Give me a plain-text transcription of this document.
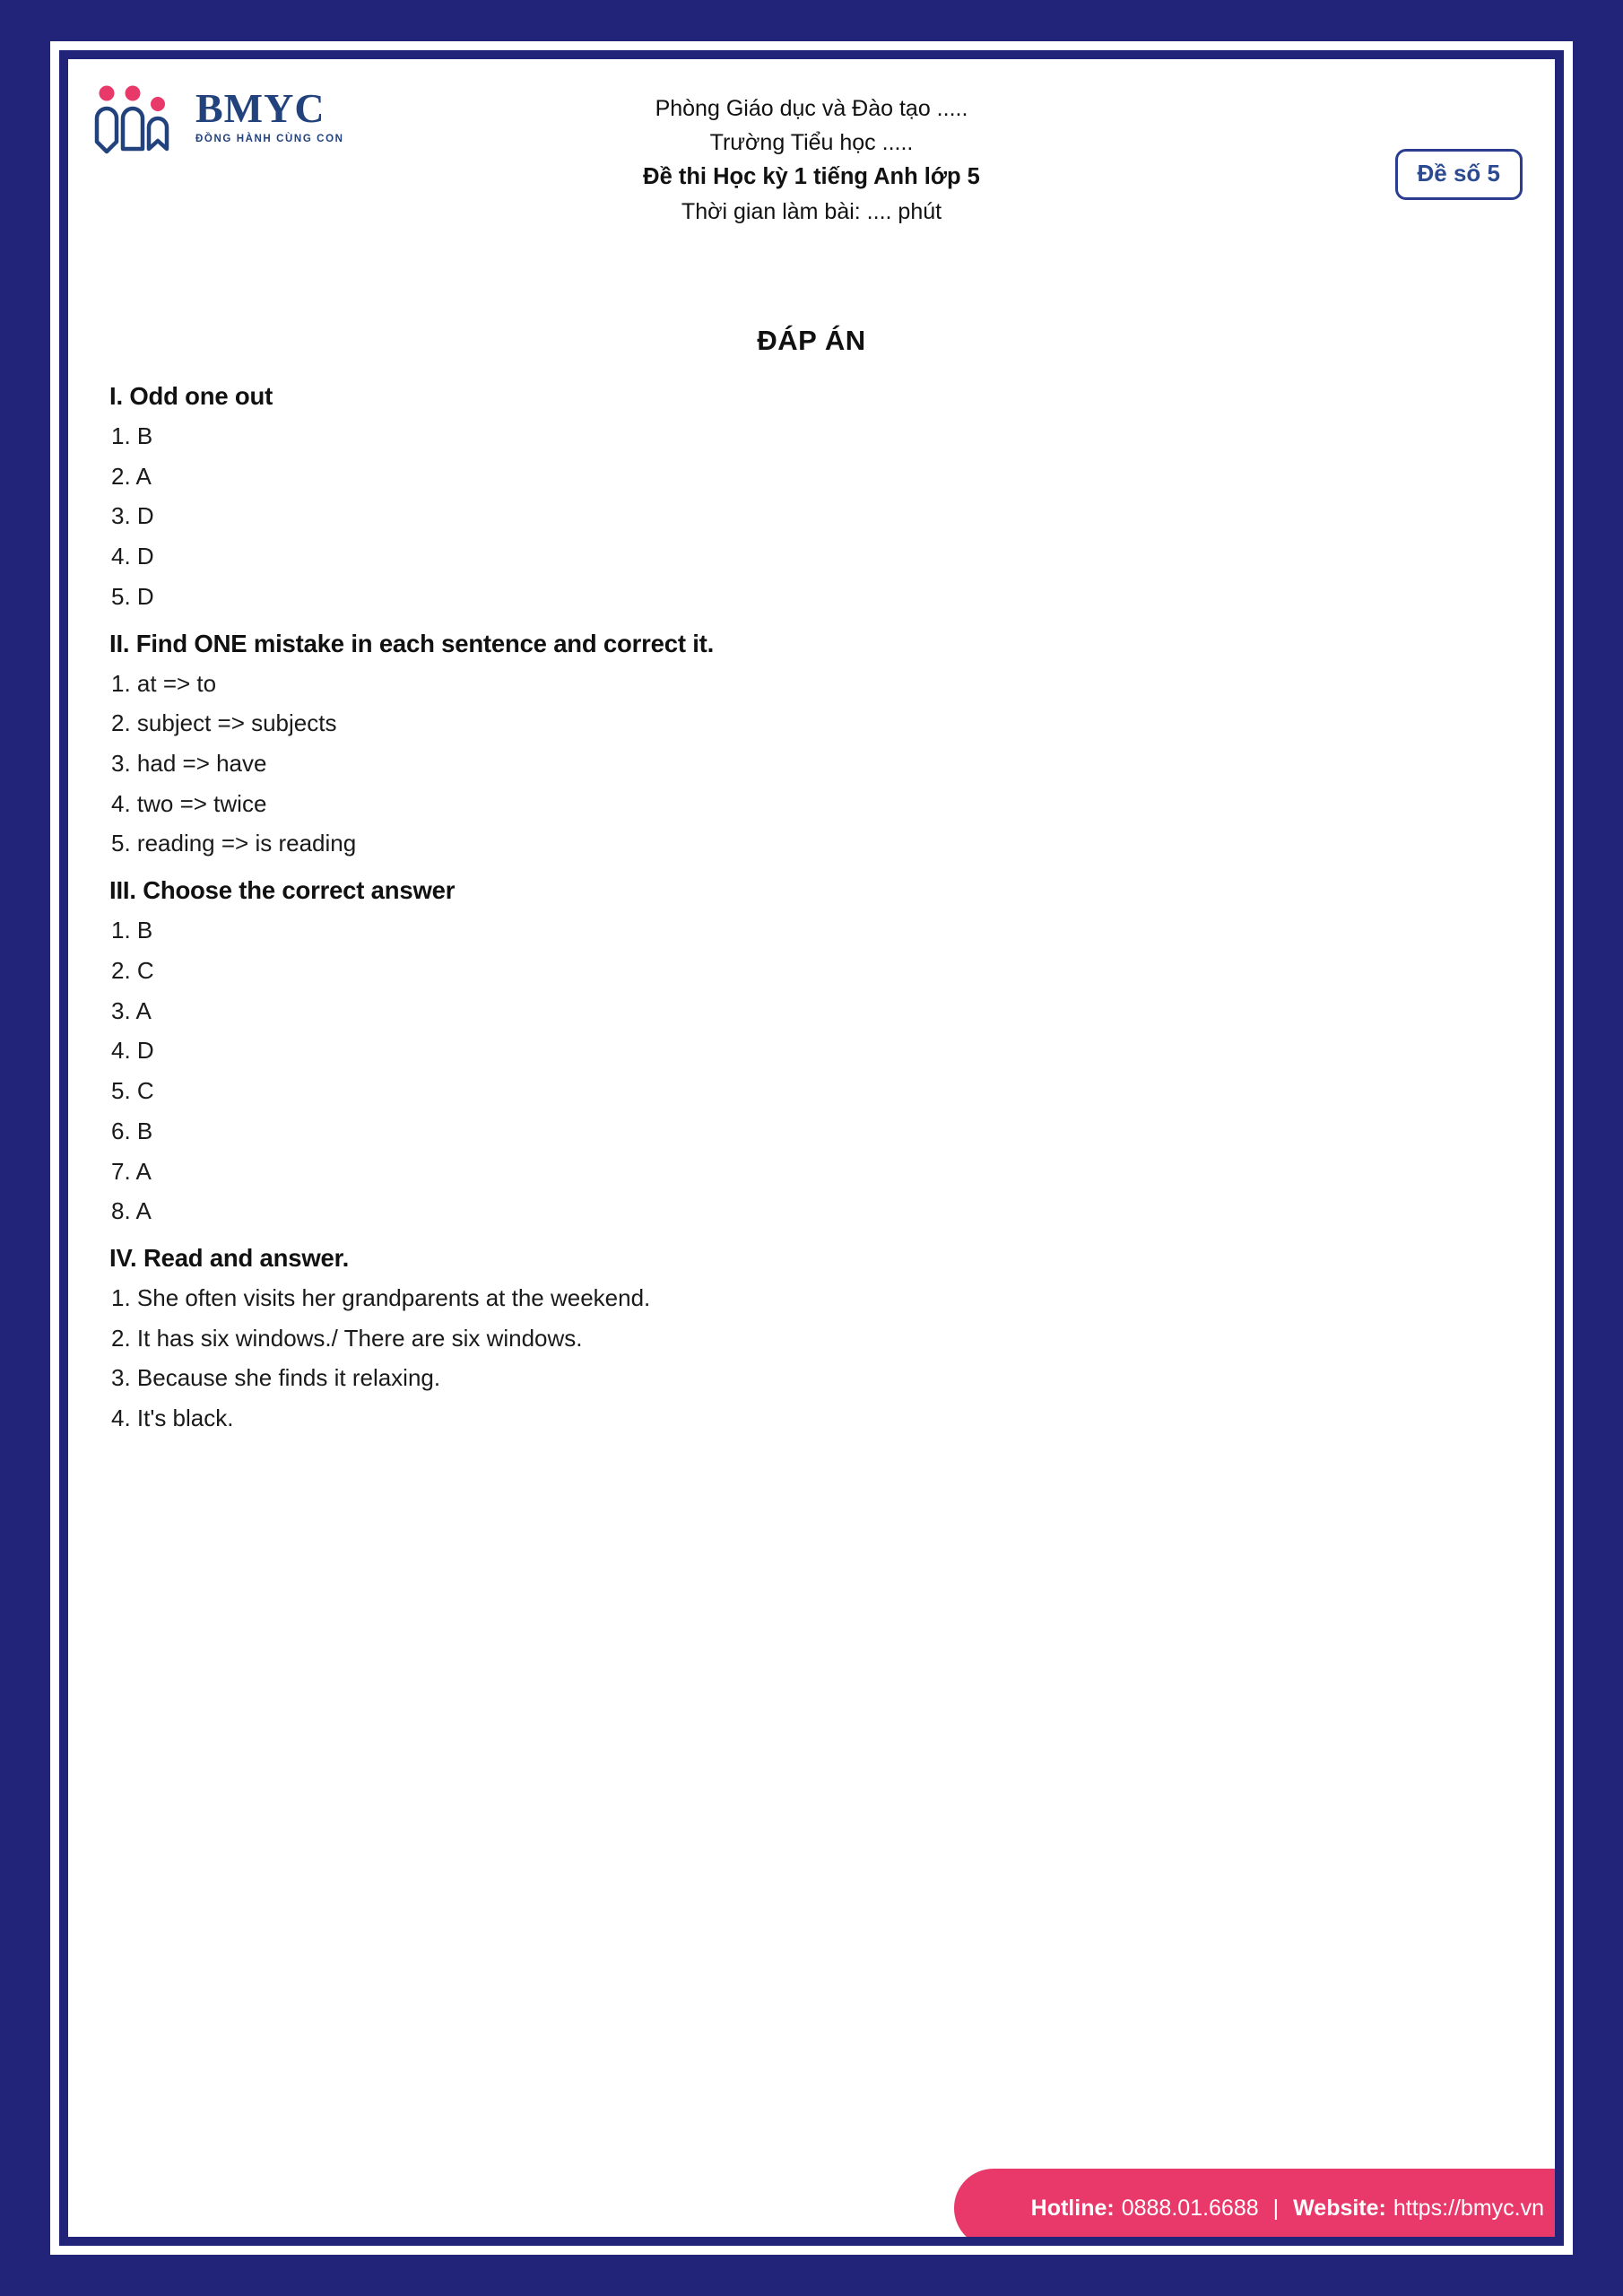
BMYC
ĐỒNG HÀNH CÙNG CON
Phòng Giáo dục và Đào tạo .....
Trường Tiểu học .....
Đề thi Học kỳ 1 tiếng Anh lớp 5
Thời gian làm bài: .... phút
Đề số 5
ĐÁP ÁN
I. Odd one out
1. B
2. A
3. D
4. D
5. D
II. Find ONE mistake in each sentence and correct it.
1. at => to
2. subject => subjects
3. had => have
4. two => twice
5. reading => is reading
III. Choose the correct answer
1. B
2. C
3. A
4. D
5. C
6. B
7. A
8. A
IV. Read and answer.
1. She often visits her grandparents at the weekend.
2. It has six windows./ There are six windows.
3. Because she finds it relaxing.
4. It's black.
Hotline: 0888.01.6688 | Website: https://bmyc.vn
